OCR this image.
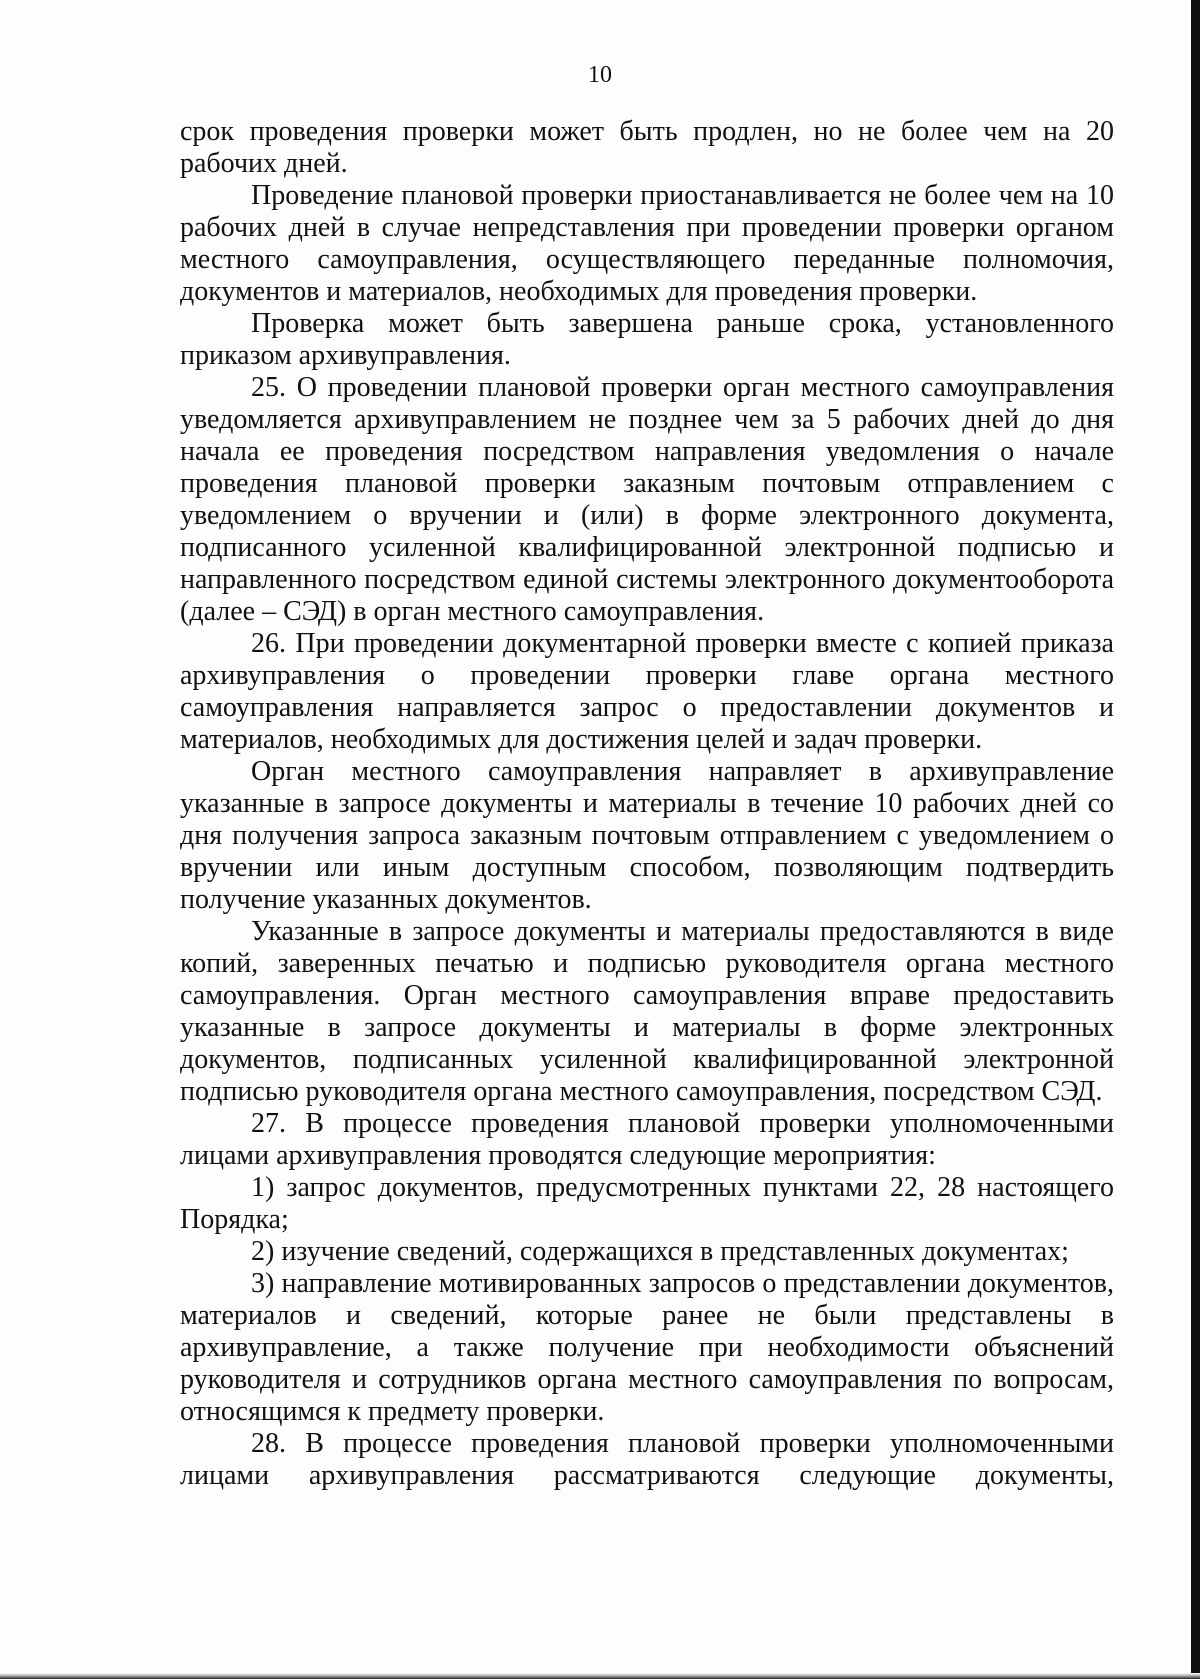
10

срок проведения проверки может быть продлен, но не более чем на 20 рабочих дней.

Проведение плановой проверки приостанавливается не более чем на 10 рабочих дней в случае непредставления при проведении проверки органом местного самоуправления, осуществляющего переданные полномочия, документов и материалов, необходимых для проведения проверки.

Проверка может быть завершена раньше срока, установленного приказом архивуправления.

25. О проведении плановой проверки орган местного самоуправления уведомляется архивуправлением не позднее чем за 5 рабочих дней до дня начала ее проведения посредством направления уведомления о начале проведения плановой проверки заказным почтовым отправлением с уведомлением о вручении и (или) в форме электронного документа, подписанного усиленной квалифицированной электронной подписью и направленного посредством единой системы электронного документооборота (далее – СЭД) в орган местного самоуправления.

26. При проведении документарной проверки вместе с копией приказа архивуправления о проведении проверки главе органа местного самоуправления направляется запрос о предоставлении документов и материалов, необходимых для достижения целей и задач проверки.

Орган местного самоуправления направляет в архивуправление указанные в запросе документы и материалы в течение 10 рабочих дней со дня получения запроса заказным почтовым отправлением с уведомлением о вручении или иным доступным способом, позволяющим подтвердить получение указанных документов.

Указанные в запросе документы и материалы предоставляются в виде копий, заверенных печатью и подписью руководителя органа местного самоуправления. Орган местного самоуправления вправе предоставить указанные в запросе документы и материалы в форме электронных документов, подписанных усиленной квалифицированной электронной подписью руководителя органа местного самоуправления, посредством СЭД.

27. В процессе проведения плановой проверки уполномоченными лицами архивуправления проводятся следующие мероприятия:

1) запрос документов, предусмотренных пунктами 22, 28 настоящего Порядка;

2) изучение сведений, содержащихся в представленных документах;

3) направление мотивированных запросов о представлении документов, материалов и сведений, которые ранее не были представлены в архивуправление, а также получение при необходимости объяснений руководителя и сотрудников органа местного самоуправления по вопросам, относящимся к предмету проверки.

28. В процессе проведения плановой проверки уполномоченными лицами архивуправления рассматриваются следующие документы,
